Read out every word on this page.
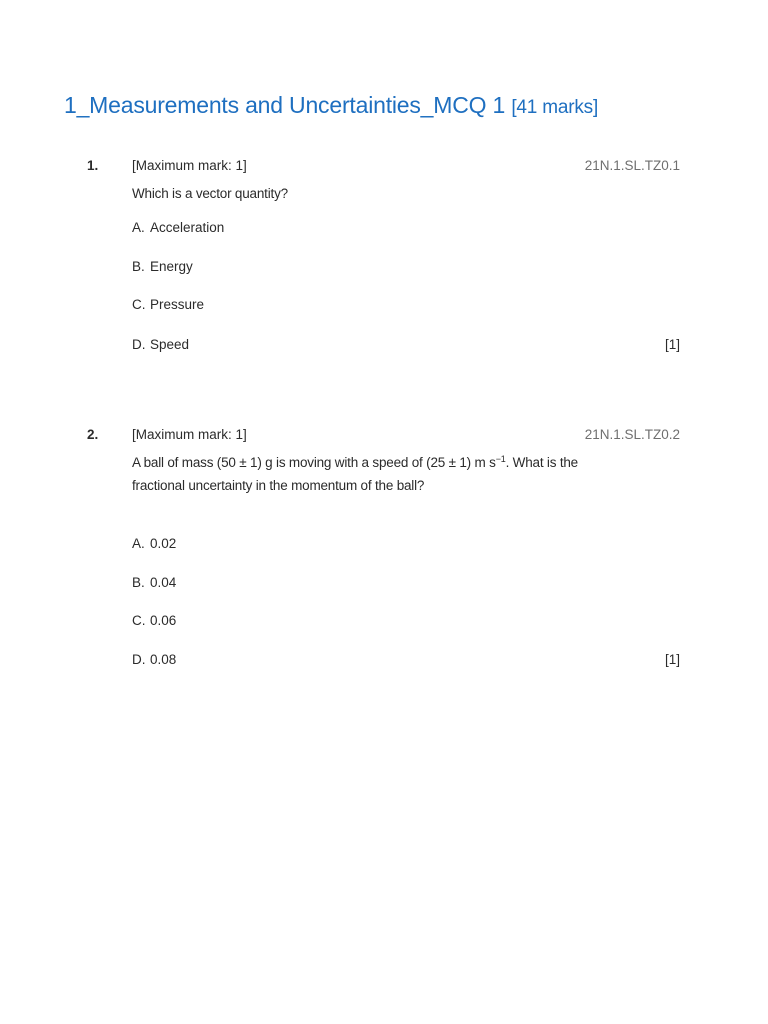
1_Measurements and Uncertainties_MCQ 1 [41 marks]
1. [Maximum mark: 1]	21N.1.SL.TZ0.1
Which is a vector quantity?
A. Acceleration
B. Energy
C. Pressure
D. Speed	[1]
2. [Maximum mark: 1]	21N.1.SL.TZ0.2
A ball of mass (50 ± 1) g is moving with a speed of (25 ± 1) m $s^{-1}$. What is the fractional uncertainty in the momentum of the ball?
A. 0.02
B. 0.04
C. 0.06
D. 0.08	[1]
